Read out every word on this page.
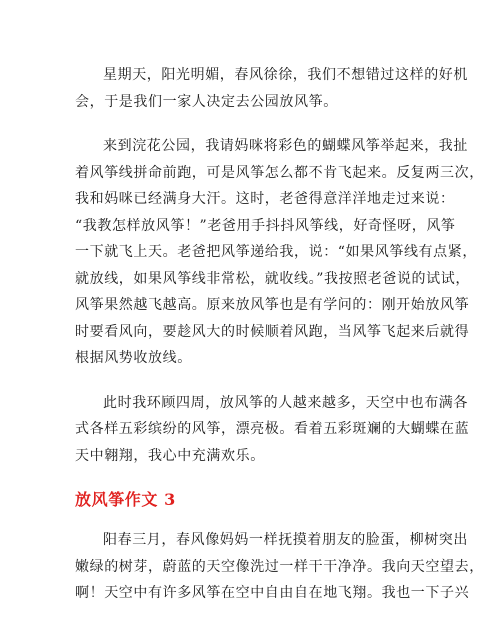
星期天，阳光明媚，春风徐徐，我们不想错过这样的好机
会，于是我们一家人决定去公园放风筝。

来到浣花公园，我请妈咪将彩色的蝴蝶风筝举起来，我扯
着风筝线拼命前跑，可是风筝怎么都不肯飞起来。反复两三次，
我和妈咪已经满身大汗。这时，老爸得意洋洋地走过来说：
“我教怎样放风筝！”老爸用手抖抖风筝线，好奇怪呀，风筝
一下就飞上天。老爸把风筝递给我，说：“如果风筝线有点紧，
就放线，如果风筝线非常松，就收线。”我按照老爸说的试试，
风筝果然越飞越高。原来放风筝也是有学问的：刚开始放风筝
时要看风向，要趁风大的时候顺着风跑，当风筝飞起来后就得
根据风势收放线。

此时我环顾四周，放风筝的人越来越多，天空中也布满各
式各样五彩缤纷的风筝，漂亮极。看着五彩斑斓的大蝴蝶在蓝
天中翱翔，我心中充满欢乐。

放风筝作文 3

阳春三月，春风像妈妈一样抚摸着朋友的脸蛋，柳树突出
嫩绿的树芽，蔚蓝的天空像洗过一样干干净净。我向天空望去，
啊！天空中有许多风筝在空中自由自在地飞翔。我也一下子兴
